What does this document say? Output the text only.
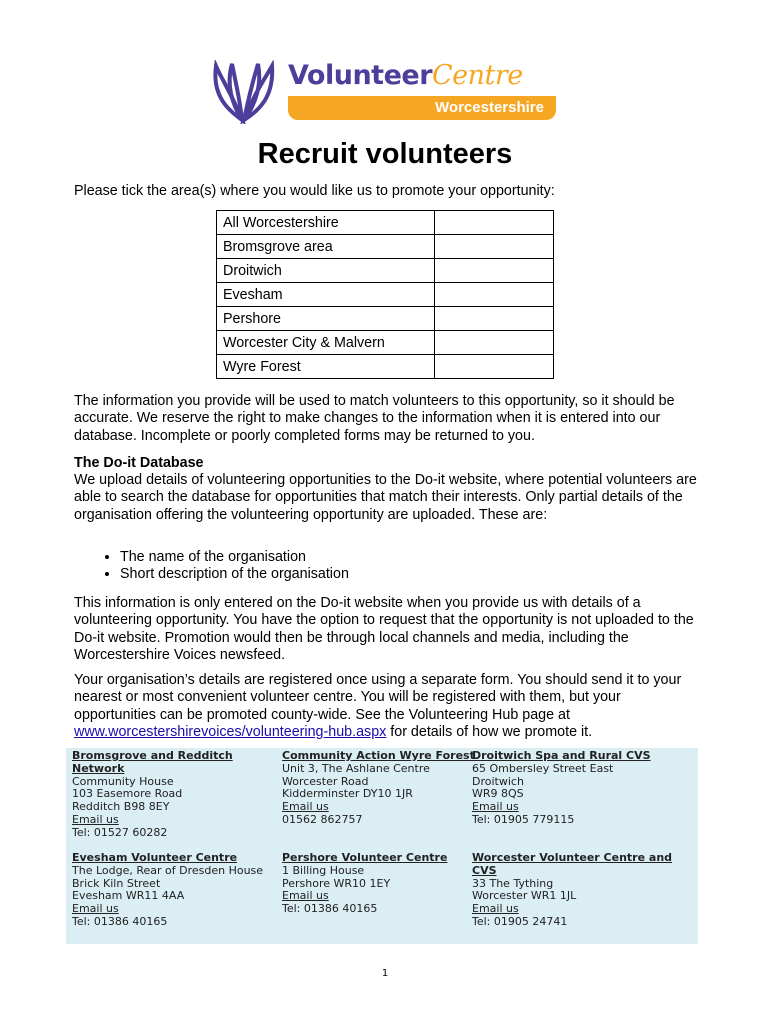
Volunteer Centre
Worcestershire
Recruit volunteers

Please tick the area(s) where you would like us to promote your opportunity:

All Worcestershire	
Bromsgrove area	
Droitwich	
Evesham	
Pershore	
Worcester City & Malvern	
Wyre Forest	

The information you provide will be used to match volunteers to this opportunity, so it should be accurate. We reserve the right to make changes to the information when it is entered into our database. Incomplete or poorly completed forms may be returned to you.

The Do-it Database

We upload details of volunteering opportunities to the Do-it website, where potential volunteers are able to search the database for opportunities that match their interests. Only partial details of the organisation offering the volunteering opportunity are uploaded. These are:

• The name of the organisation
• Short description of the organisation

This information is only entered on the Do-it website when you provide us with details of a volunteering opportunity. You have the option to request that the opportunity is not uploaded to the Do-it website. Promotion would then be through local channels and media, including the Worcestershire Voices newsfeed.

Your organisation’s details are registered once using a separate form. You should send it to your nearest or most convenient volunteer centre. You will be registered with them, but your opportunities can be promoted county-wide. See the Volunteering Hub page at www.worcestershirevoices/volunteering-hub.aspx for details of how we promote it.

Bromsgrove and Redditch Network
Community House
103 Easemore Road
Redditch B98 8EY
Email us
Tel: 01527 60282
Community Action Wyre Forest
Unit 3, The Ashlane Centre
Worcester Road
Kidderminster DY10 1JR
Email us
01562 862757
Droitwich Spa and Rural CVS
65 Ombersley Street East
Droitwich
WR9 8QS
Email us
Tel: 01905 779115
Evesham Volunteer Centre
The Lodge, Rear of Dresden House
Brick Kiln Street
Evesham WR11 4AA
Email us
Tel: 01386 40165
Pershore Volunteer Centre
1 Billing House
Pershore WR10 1EY
Email us
Tel: 01386 40165
Worcester Volunteer Centre and CVS
33 The Tything
Worcester WR1 1JL
Email us
Tel: 01905 24741
1
